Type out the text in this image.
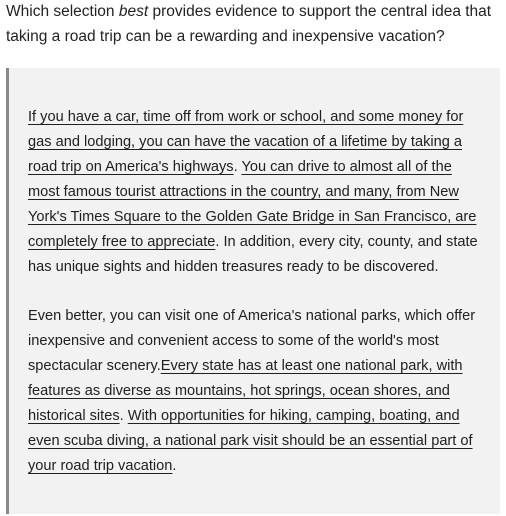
Which selection best provides evidence to support the central idea that taking a road trip can be a rewarding and inexpensive vacation?
If you have a car, time off from work or school, and some money for gas and lodging, you can have the vacation of a lifetime by taking a road trip on America's highways. You can drive to almost all of the most famous tourist attractions in the country, and many, from New York's Times Square to the Golden Gate Bridge in San Francisco, are completely free to appreciate. In addition, every city, county, and state has unique sights and hidden treasures ready to be discovered.
Even better, you can visit one of America's national parks, which offer inexpensive and convenient access to some of the world's most spectacular scenery.Every state has at least one national park, with features as diverse as mountains, hot springs, ocean shores, and historical sites. With opportunities for hiking, camping, boating, and even scuba diving, a national park visit should be an essential part of your road trip vacation.
